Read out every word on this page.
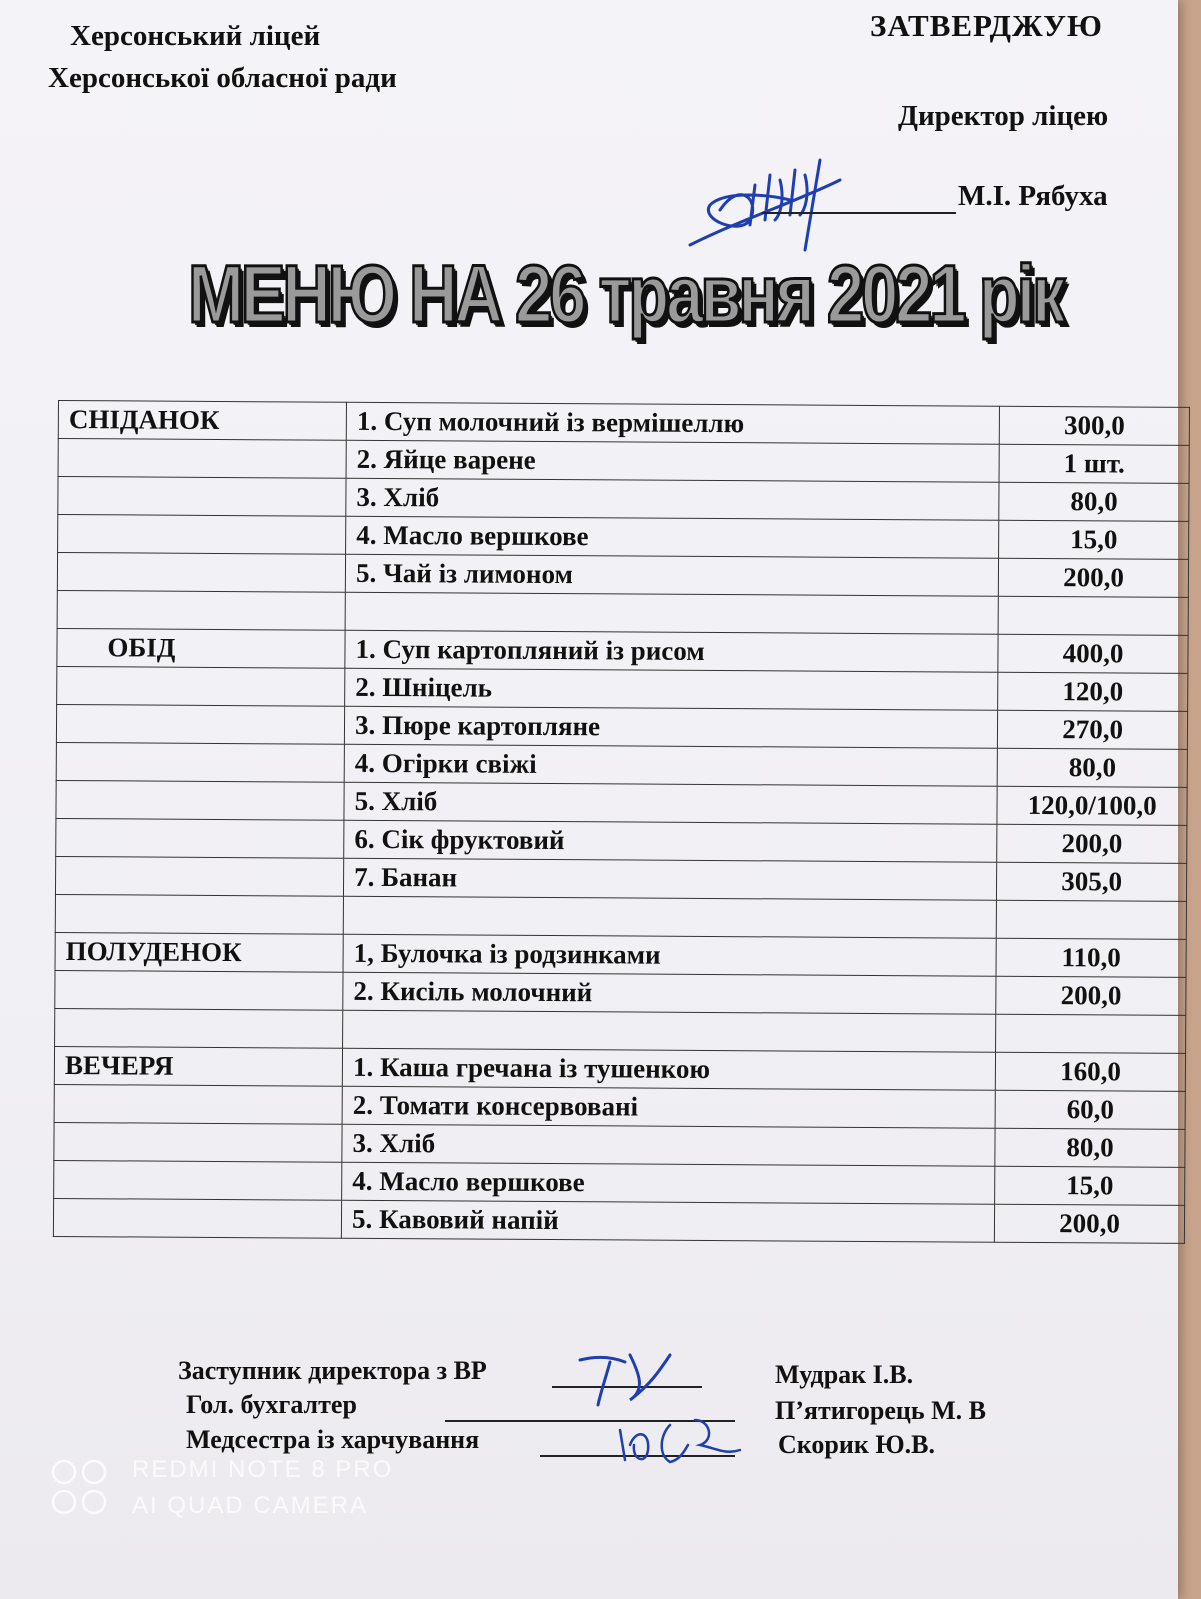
Херсонський ліцей
Херсонської обласної ради
ЗАТВЕРДЖУЮ
Директор ліцею
М.І. Рябуха
МЕНЮ НА 26 травня 2021 рік
СНІДАНОК	1. Суп молочний із вермішеллю	300,0
	2. Яйце варене	1 шт.
	3. Хліб	80,0
	4. Масло вершкове	15,0
	5. Чай із лимоном	200,0

ОБІД	1. Суп картопляний із рисом	400,0
	2. Шніцель	120,0
	3. Пюре картопляне	270,0
	4. Огірки свіжі	80,0
	5. Хліб	120,0/100,0
	6. Сік фруктовий	200,0
	7. Банан	305,0

ПОЛУДЕНОК	1, Булочка із родзинками	110,0
	2. Кисіль молочний	200,0

ВЕЧЕРЯ	1. Каша гречана із тушенкою	160,0
	2. Томати консервовані	60,0
	3. Хліб	80,0
	4. Масло вершкове	15,0
	5. Кавовий напій	200,0
Заступник директора з ВР	Мудрак І.В.
Гол. бухгалтер	П’ятигорець М. В
Медсестра із харчування	Скорик Ю.В.
REDMI NOTE 8 PRO
AI QUAD CAMERA
